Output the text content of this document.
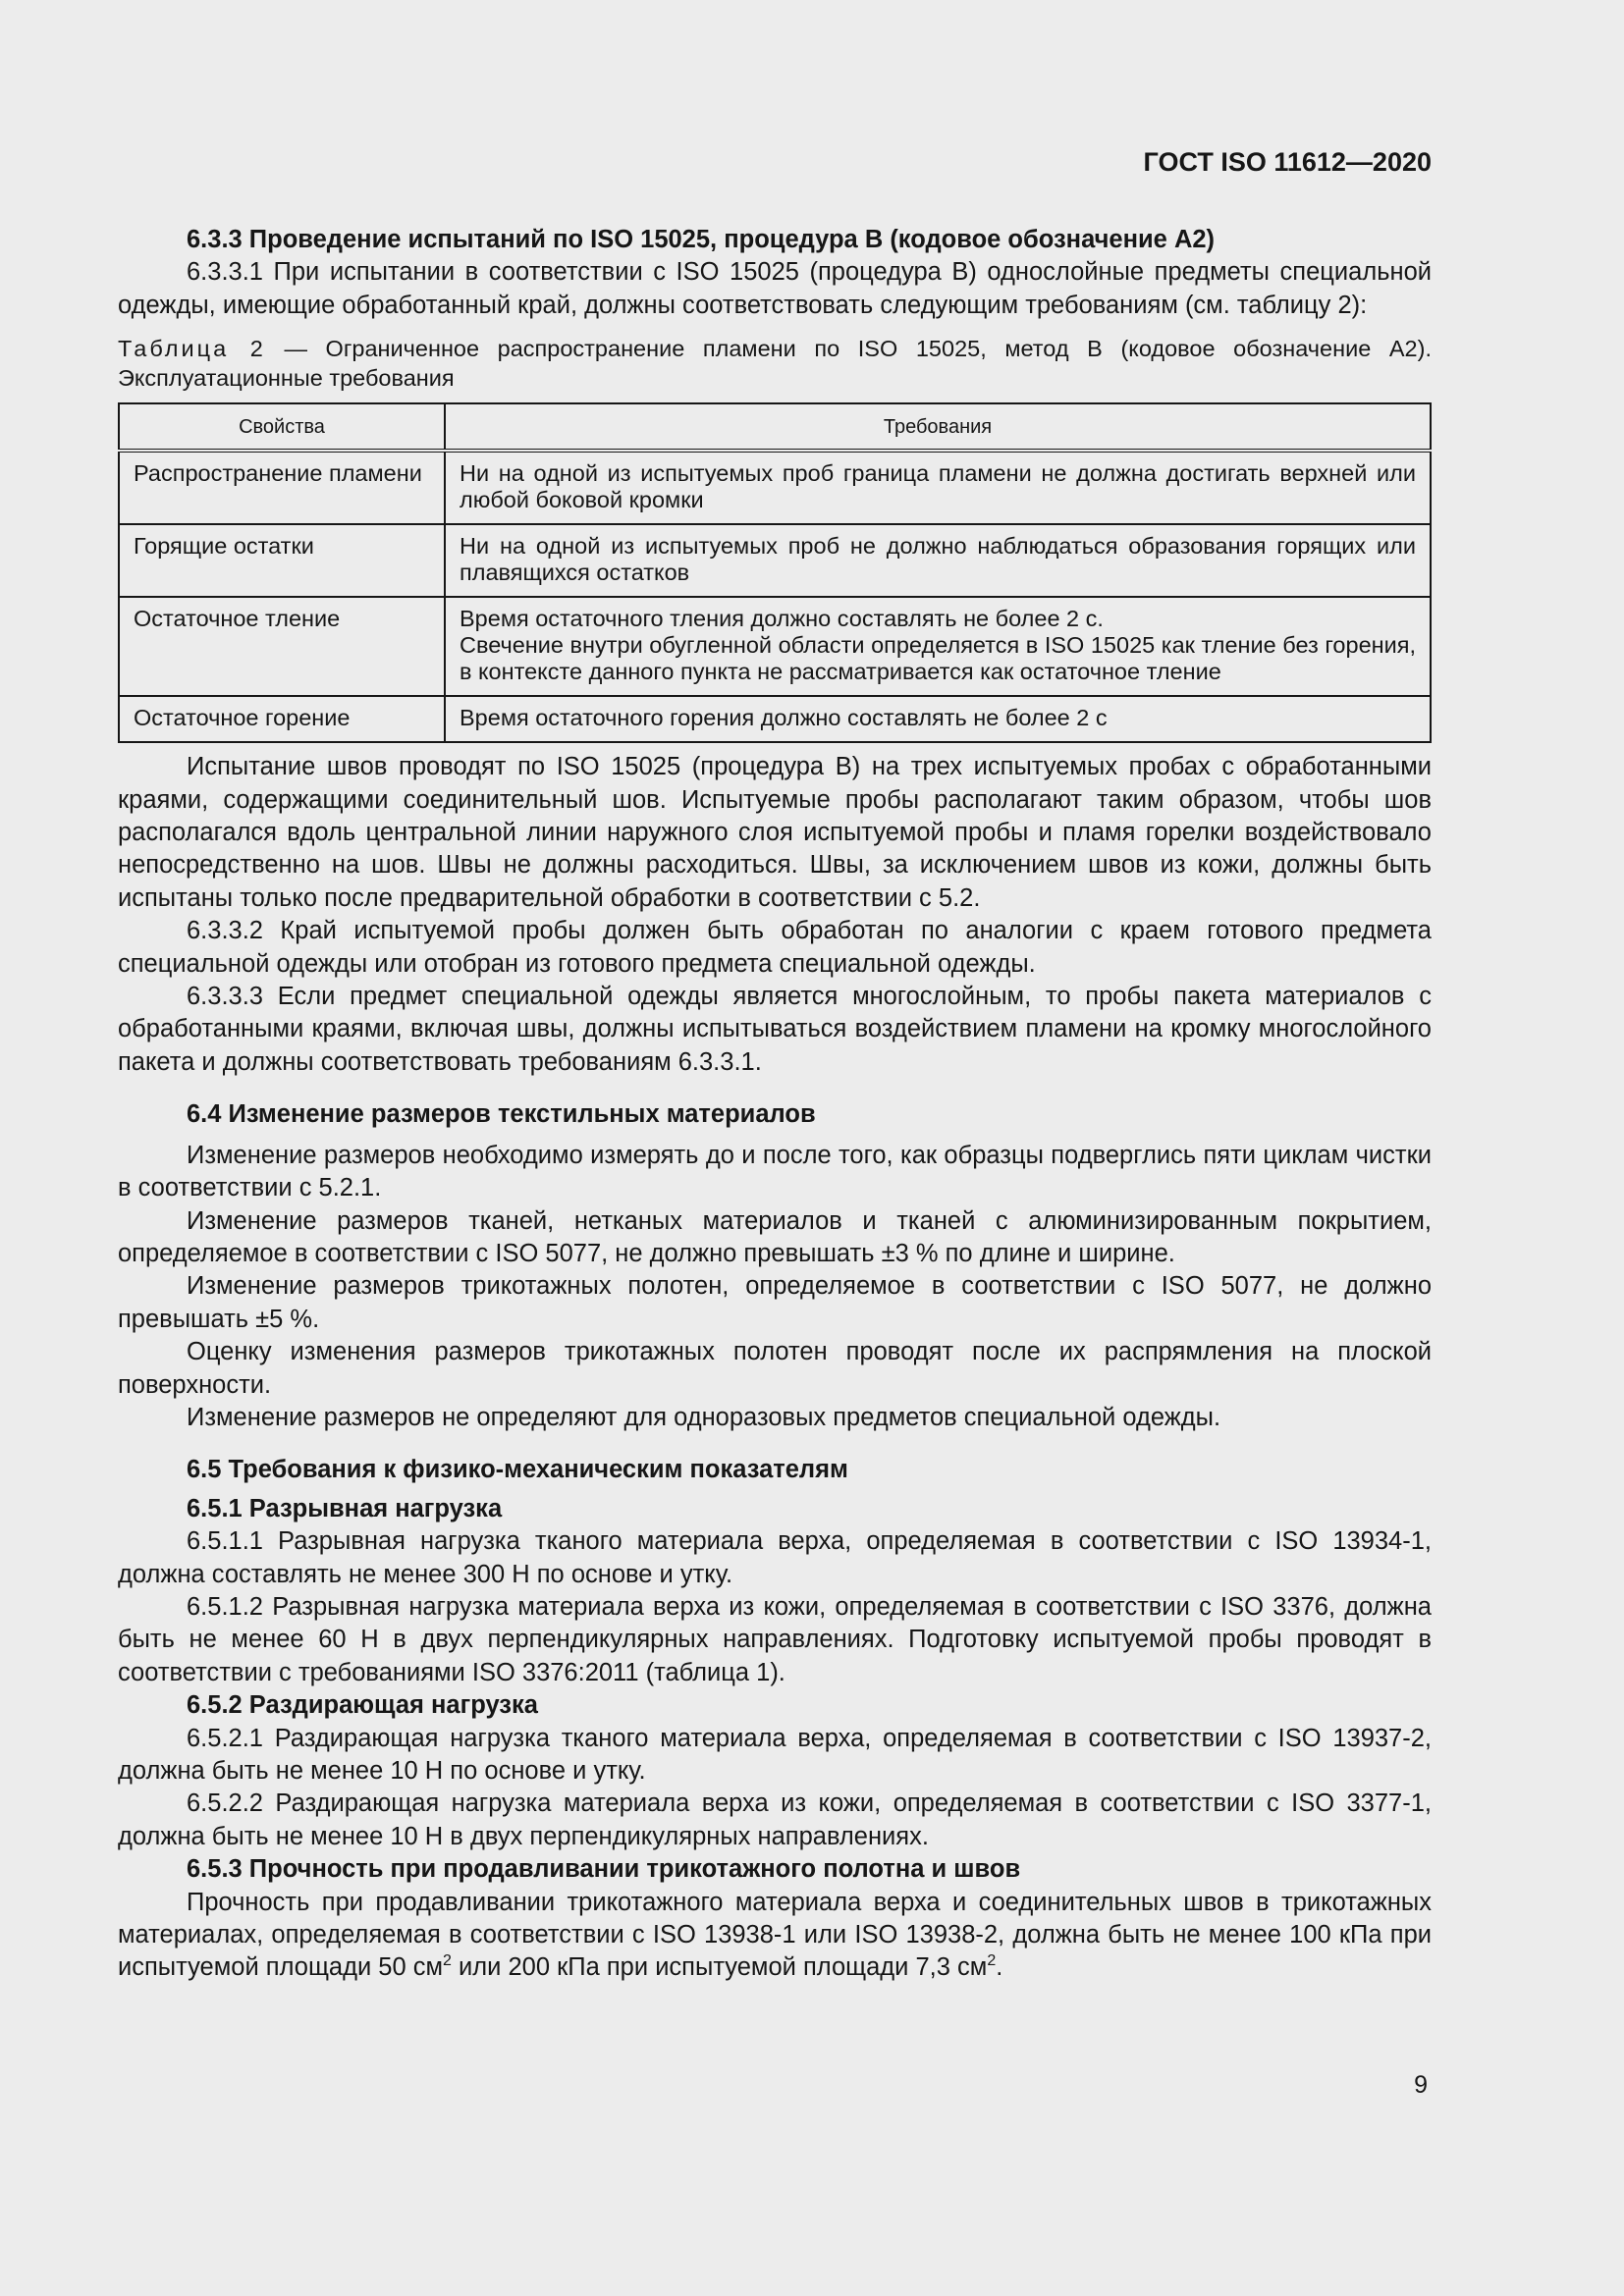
ГОСТ ISO 11612—2020

6.3.3 Проведение испытаний по ISO 15025, процедура B (кодовое обозначение A2)

6.3.3.1 При испытании в соответствии с ISO 15025 (процедура B) однослойные предметы специальной одежды, имеющие обработанный край, должны соответствовать следующим требованиям (см. таблицу 2):

Таблица 2 — Ограниченное распространение пламени по ISO 15025, метод B (кодовое обозначение A2). Эксплуатационные требования

Свойства	Требования
Распространение пламени	Ни на одной из испытуемых проб граница пламени не должна достигать верхней или любой боковой кромки
Горящие остатки	Ни на одной из испытуемых проб не должно наблюдаться образования горящих или плавящихся остатков
Остаточное тление	Время остаточного тления должно составлять не более 2 с.
Свечение внутри обугленной области определяется в ISO 15025 как тление без горения, в контексте данного пункта не рассматривается как остаточное тление

Остаточное горение	Время остаточного горения должно составлять не более 2 с

Испытание швов проводят по ISO 15025 (процедура B) на трех испытуемых пробах с обработанными краями, содержащими соединительный шов. Испытуемые пробы располагают таким образом, чтобы шов располагался вдоль центральной линии наружного слоя испытуемой пробы и пламя горелки воздействовало непосредственно на шов. Швы не должны расходиться. Швы, за исключением швов из кожи, должны быть испытаны только после предварительной обработки в соответствии с 5.2.

6.3.3.2 Край испытуемой пробы должен быть обработан по аналогии с краем готового предмета специальной одежды или отобран из готового предмета специальной одежды.

6.3.3.3 Если предмет специальной одежды является многослойным, то пробы пакета материалов с обработанными краями, включая швы, должны испытываться воздействием пламени на кромку многослойного пакета и должны соответствовать требованиям 6.3.3.1.

6.4 Изменение размеров текстильных материалов

Изменение размеров необходимо измерять до и после того, как образцы подверглись пяти циклам чистки в соответствии с 5.2.1.

Изменение размеров тканей, нетканых материалов и тканей с алюминизированным покрытием, определяемое в соответствии с ISO 5077, не должно превышать ±3 % по длине и ширине.

Изменение размеров трикотажных полотен, определяемое в соответствии с ISO 5077, не должно превышать ±5 %.

Оценку изменения размеров трикотажных полотен проводят после их распрямления на плоской поверхности.

Изменение размеров не определяют для одноразовых предметов специальной одежды.

6.5 Требования к физико-механическим показателям

6.5.1 Разрывная нагрузка

6.5.1.1 Разрывная нагрузка тканого материала верха, определяемая в соответствии с ISO 13934-1, должна составлять не менее 300 Н по основе и утку.

6.5.1.2 Разрывная нагрузка материала верха из кожи, определяемая в соответствии с ISO 3376, должна быть не менее 60 Н в двух перпендикулярных направлениях. Подготовку испытуемой пробы проводят в соответствии с требованиями ISO 3376:2011 (таблица 1).

6.5.2 Раздирающая нагрузка

6.5.2.1 Раздирающая нагрузка тканого материала верха, определяемая в соответствии с ISO 13937-2, должна быть не менее 10 Н по основе и утку.

6.5.2.2 Раздирающая нагрузка материала верха из кожи, определяемая в соответствии с ISO 3377-1, должна быть не менее 10 Н в двух перпендикулярных направлениях.

6.5.3 Прочность при продавливании трикотажного полотна и швов

Прочность при продавливании трикотажного материала верха и соединительных швов в трикотажных материалах, определяемая в соответствии с ISO 13938-1 или ISO 13938-2, должна быть не менее 100 кПа при испытуемой площади 50 $см^2$ или 200 кПа при испытуемой площади 7,3 $см^2$.

9
